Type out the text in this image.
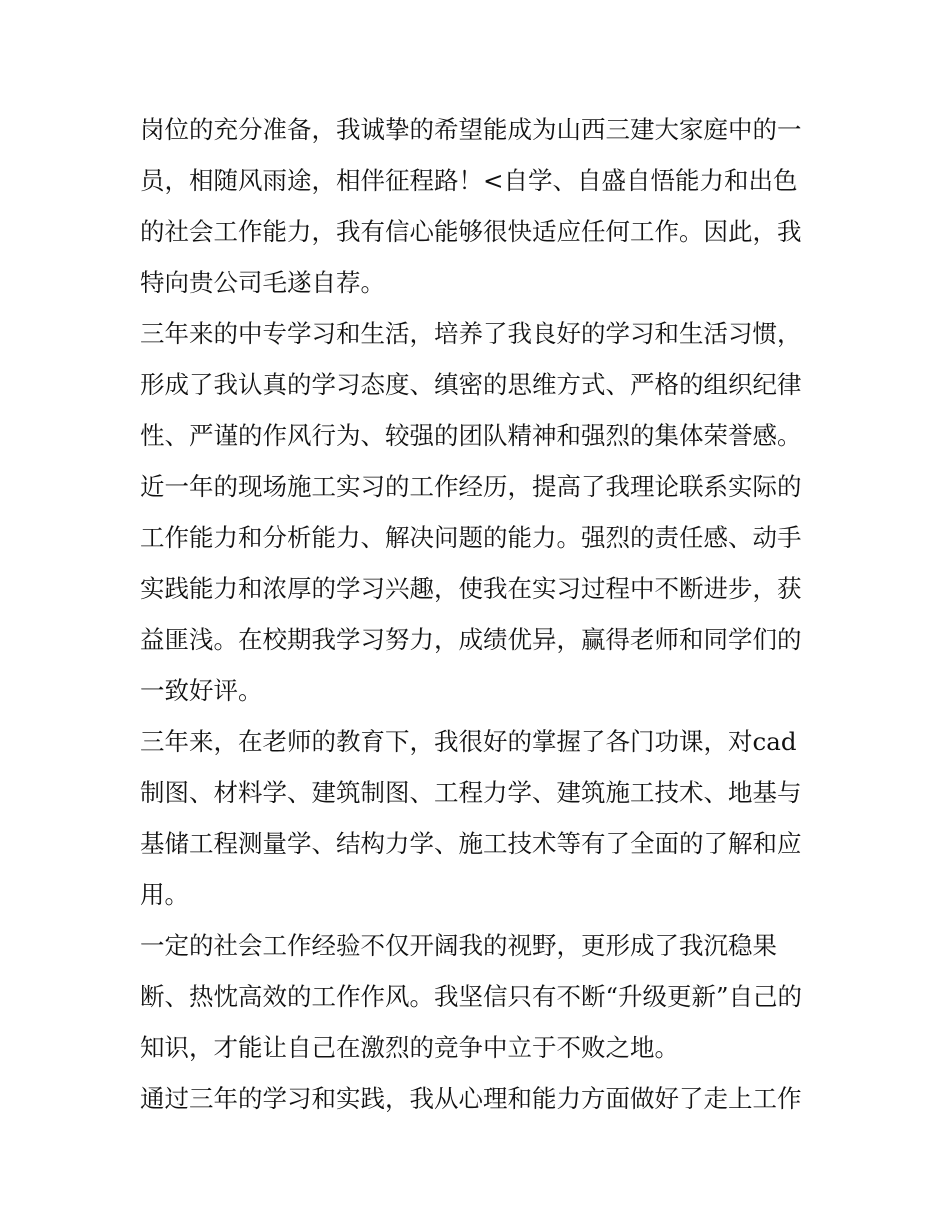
岗位的充分准备，我诚挚的希望能成为山西三建大家庭中的一
员，相随风雨途，相伴征程路！<自学、自盛自悟能力和出色
的社会工作能力，我有信心能够很快适应任何工作。因此，我
特向贵公司毛遂自荐。
三年来的中专学习和生活，培养了我良好的学习和生活习惯，
形成了我认真的学习态度、缜密的思维方式、严格的组织纪律
性、严谨的作风行为、较强的团队精神和强烈的集体荣誉感。
近一年的现场施工实习的工作经历，提高了我理论联系实际的
工作能力和分析能力、解决问题的能力。强烈的责任感、动手
实践能力和浓厚的学习兴趣，使我在实习过程中不断进步，获
益匪浅。在校期我学习努力，成绩优异，赢得老师和同学们的
一致好评。
三年来，在老师的教育下，我很好的掌握了各门功课，对cad
制图、材料学、建筑制图、工程力学、建筑施工技术、地基与
基储工程测量学、结构力学、施工技术等有了全面的了解和应
用。
一定的社会工作经验不仅开阔我的视野，更形成了我沉稳果
断、热忱高效的工作作风。我坚信只有不断“升级更新”自己的
知识，才能让自己在激烈的竞争中立于不败之地。
通过三年的学习和实践，我从心理和能力方面做好了走上工作
